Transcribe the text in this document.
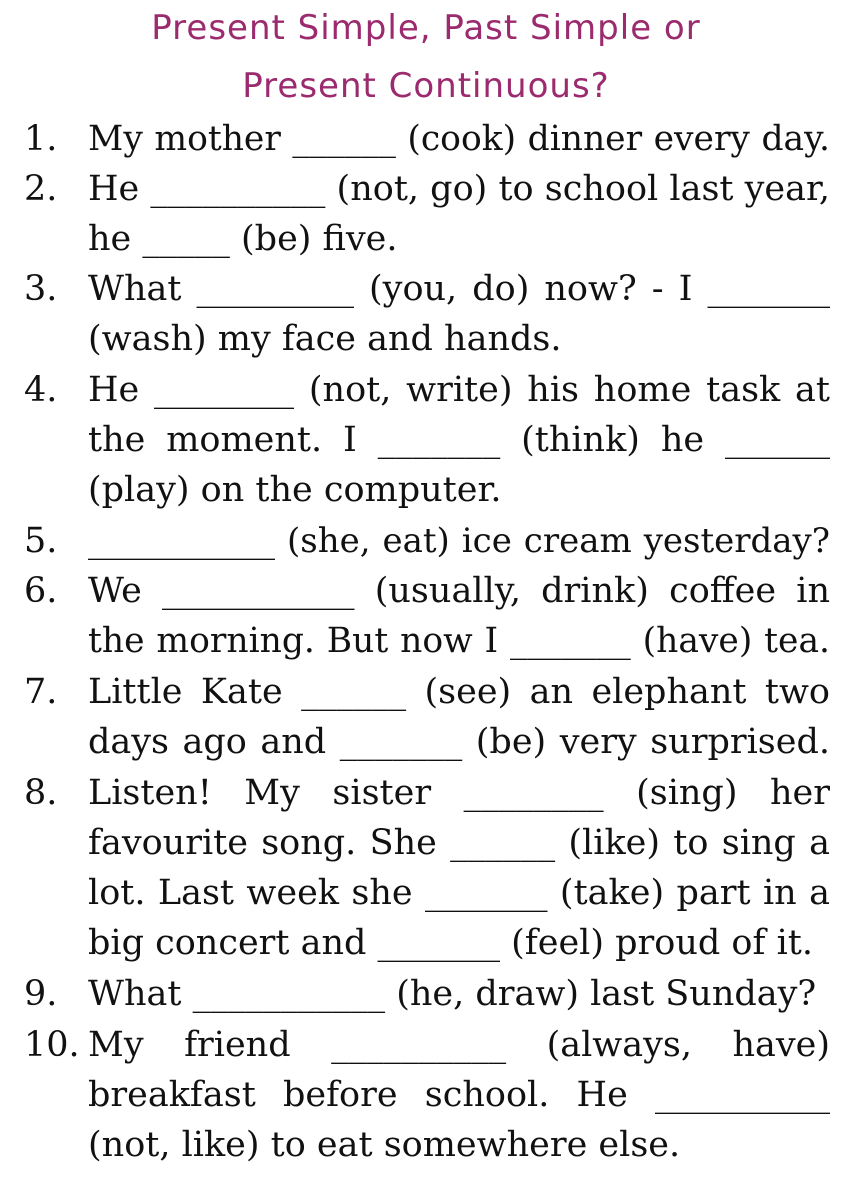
Present Simple, Past Simple or
Present Continuous?
1. My mother ______ (cook) dinner every day.
2. He __________ (not, go) to school last year,
he _____ (be) five.
3. What _________ (you, do) now? - I _______
(wash) my face and hands.
4. He ________ (not, write) his home task at
the moment. I _______ (think) he ______
(play) on the computer.
5. ___________ (she, eat) ice cream yesterday?
6. We ___________ (usually, drink) coffee in
the morning. But now I _______ (have) tea.
7. Little Kate ______ (see) an elephant two
days ago and _______ (be) very surprised.
8. Listen! My sister ________ (sing) her
favourite song. She ______ (like) to sing a
lot. Last week she _______ (take) part in a
big concert and _______ (feel) proud of it.
9. What ___________ (he, draw) last Sunday?
10. My friend __________ (always, have)
breakfast before school. He __________
(not, like) to eat somewhere else.
